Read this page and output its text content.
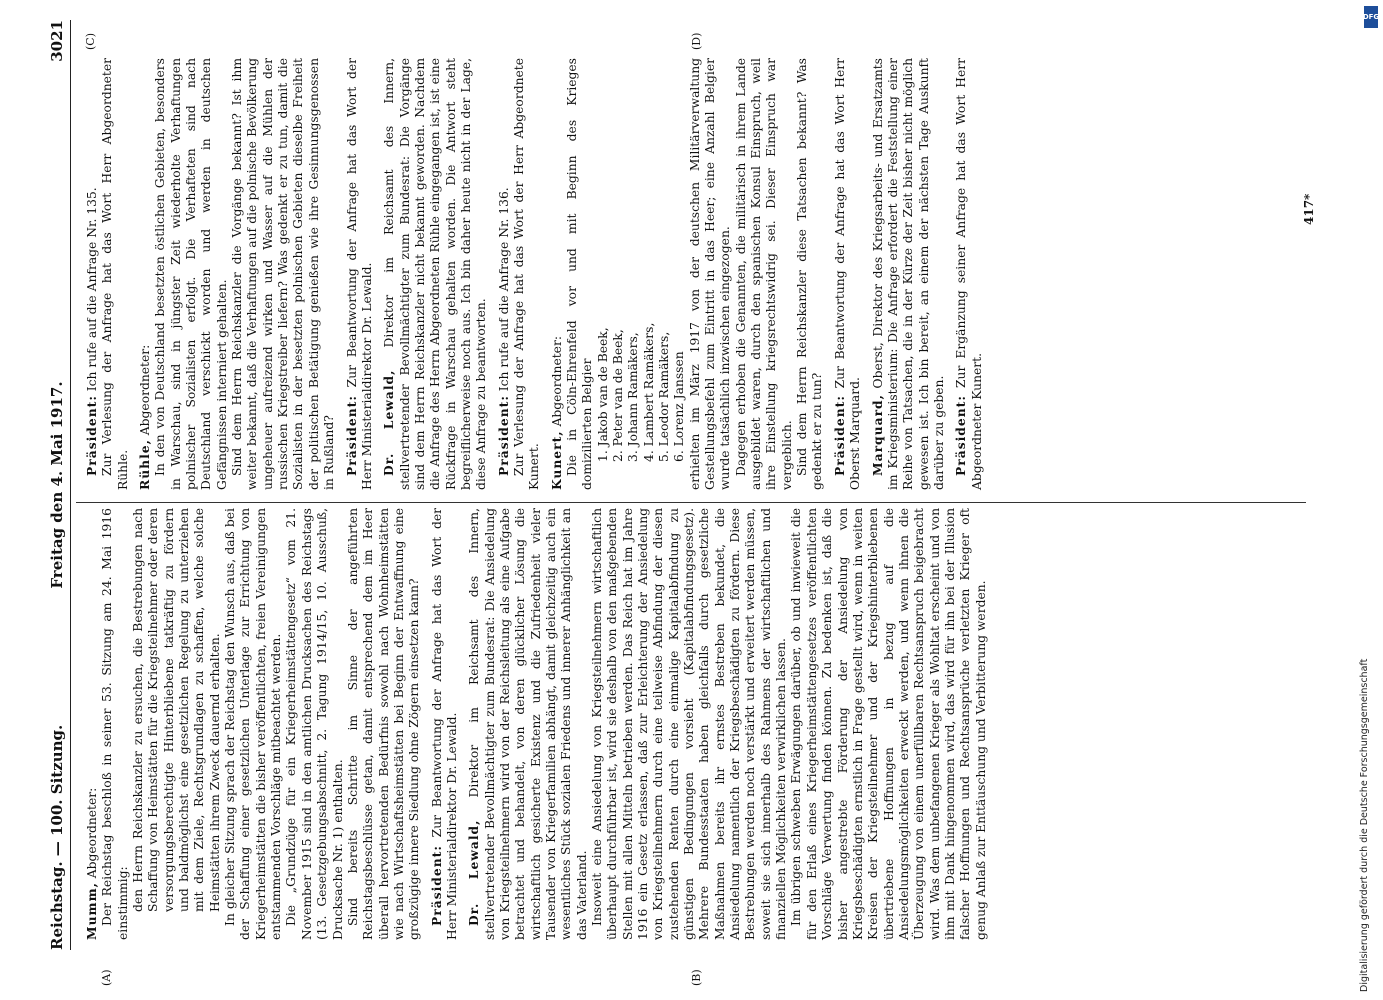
Reichstag. — 100. Sitzung.
Freitag den 4. Mai 1917.
3021
(A)	(B)
(C)	(D)

Mumm, Abgeordneter: Der Reichstag beschloß in seiner 53. Sitzung am 24. Mai 1916 einstimmig: den Herrn Reichskanzler zu ersuchen, die Bestrebungen nach Schaffung von Heimstätten für die Kriegsteilnehmer oder deren versorgungsberechtigte Hinterbliebene tatkräftig zu fördern und baldmöglichst eine gesetzlichen Regelung zu unterziehen mit dem Ziele, Rechtsgrundlagen zu schaffen, welche solche Heimstätten ihrem Zweck dauernd erhalten. In gleicher Sitzung sprach der Reichstag den Wunsch aus, daß bei der Schaffung einer gesetzlichen Unterlage zur Errichtung von Kriegerheimstätten die bisher veröffentlichten, freien Vereinigungen entstammenden Vorschläge mitbeachtet werden. Die „Grundzüge für ein Kriegerheimstättengesetz“ vom 21. November 1915 sind in den amtlichen Drucksachen des Reichstags (13. Gesetzgebungsabschnitt, 2. Tagung 1914/15, 10. Ausschuß, Drucksache Nr. 1) enthalten. Sind bereits Schritte im Sinne der angeführten Reichstagsbeschlüsse getan, damit entsprechend dem im Heer überall hervortretenden Bedürfnis sowohl nach Wohnheimstätten wie nach Wirtschaftsheimstätten bei Beginn der Entwaffnung eine großzügige innere Siedlung ohne Zögern einsetzen kann? Präsident: Zur Beantwortung der Anfrage hat das Wort der Herr Ministerialdirektor Dr. Lewald. Dr. Lewald, Direktor im Reichsamt des Innern, stellvertretender Bevollmächtigter zum Bundesrat: Die Ansiedelung von Kriegsteilnehmern wird von der Reichsleitung als eine Aufgabe betrachtet und behandelt, von deren glücklicher Lösung die wirtschaftlich gesicherte Existenz und die Zufriedenheit vieler Tausender von Kriegerfamilien abhängt, damit gleichzeitig auch ein wesentliches Stück sozialen Friedens und innerer Anhänglichkeit an das Vaterland. Insoweit eine Ansiedelung von Kriegsteilnehmern wirtschaftlich überhaupt durchführbar ist, wird sie deshalb von den maßgebenden Stellen mit allen Mitteln betrieben werden. Das Reich hat im Jahre 1916 ein Gesetz erlassen, daß zur Erleichterung der Ansiedelung von Kriegsteilnehmern durch eine teilweise Abfindung der diesen zustehenden Renten durch eine einmalige Kapitalabfindung zu günstigen Bedingungen vorsieht (Kapitalabfindungsgesetz). Mehrere Bundesstaaten haben gleichfalls durch gesetzliche Maßnahmen bereits ihr ernstes Bestreben bekundet, die Ansiedelung namentlich der Kriegsbeschädigten zu fördern. Diese Bestrebungen werden noch verstärkt und erweitert werden müssen, soweit sie sich innerhalb des Rahmens der wirtschaftlichen und finanziellen Möglichkeiten verwirklichen lassen. Im übrigen schweben Erwägungen darüber, ob und inwieweit die für den Erlaß eines Kriegerheimstättengesetzes veröffentlichten Vorschläge Verwertung finden können. Zu bedenken ist, daß die bisher angestrebte Förderung der Ansiedelung von Kriegsbeschädigten ernstlich in Frage gestellt wird, wenn in weiten Kreisen der Kriegsteilnehmer und der Kriegshinterbliebenen übertriebene Hoffnungen in bezug auf die Ansiedelungsmöglichkeiten erweckt werden, und wenn ihnen die Überzeugung von einem unerfüllbaren Rechtsanspruch beigebracht wird. Was dem unbefangenen Krieger als Wohltat erscheint und von ihm mit Dank hingenommen wird, das wird für ihn bei der Illusion falscher Hoffnungen und Rechtsansprüche verletzten Krieger oft genug Anlaß zur Enttäuschung und Verbitterung werden.

Präsident: Ich rufe auf die Anfrage Nr. 135. Zur Verlesung der Anfrage hat das Wort Herr Abgeordneter Rühle. Rühle, Abgeordneter: In den von Deutschland besetzten östlichen Gebieten, besonders in Warschau, sind in jüngster Zeit wiederholte Verhaftungen polnischer Sozialisten erfolgt. Die Verhafteten sind nach Deutschland verschickt worden und werden in deutschen Gefängnissen interniert gehalten. Sind dem Herrn Reichskanzler die Vorgänge bekannt? Ist ihm weiter bekannt, daß die Verhaftungen auf die polnische Bevölkerung ungeheuer aufreizend wirken und Wasser auf die Mühlen der russischen Kriegstreiber liefern? Was gedenkt er zu tun, damit die Sozialisten in der besetzten polnischen Gebieten dieselbe Freiheit der politischen Betätigung genießen wie ihre Gesinnungsgenossen in Rußland? Präsident: Zur Beantwortung der Anfrage hat das Wort der Herr Ministerialdirektor Dr. Lewald. Dr. Lewald, Direktor im Reichsamt des Innern, stellvertretender Bevollmächtigter zum Bundesrat: Die Vorgänge sind dem Herrn Reichskanzler nicht bekannt geworden. Nachdem die Anfrage des Herrn Abgeordneten Rühle eingegangen ist, ist eine Rückfrage in Warschau gehalten worden. Die Antwort steht begreiflicherweise noch aus. Ich bin daher heute nicht in der Lage, diese Anfrage zu beantworten. Präsident: Ich rufe auf die Anfrage Nr. 136. Zur Verlesung der Anfrage hat das Wort der Herr Abgeordnete Kunert. Kunert, Abgeordneter: Die in Cöln-Ehrenfeld vor und mit Beginn des Krieges domizilierten Belgier 1. Jakob van de Beek, 2. Peter van de Beek, 3. Johann Ramäkers, 4. Lambert Ramäkers, 5. Leodor Ramäkers, 6. Lorenz Janssen erhielten im März 1917 von der deutschen Militärverwaltung Gestellungsbefehl zum Eintritt in das Heer; eine Anzahl Belgier wurde tatsächlich inzwischen eingezogen. Dagegen erhoben die Genannten, die militärisch in ihrem Lande ausgebildet waren, durch den spanischen Konsul Einspruch, weil ihre Einstellung kriegsrechtswidrig sei. Dieser Einspruch war vergeblich. Sind dem Herrn Reichskanzler diese Tatsachen bekannt? Was gedenkt er zu tun? Präsident: Zur Beantwortung der Anfrage hat das Wort Herr Oberst Marquard. Marquard, Oberst, Direktor des Kriegsarbeits- und Ersatzamts im Kriegsministerium: Die Anfrage erfordert die Feststellung einer Reihe von Tatsachen, die in der Kürze der Zeit bisher nicht möglich gewesen ist. Ich bin bereit, an einem der nächsten Tage Auskunft darüber zu geben. Präsident: Zur Ergänzung seiner Anfrage hat das Wort Herr Abgeordneter Kunert.

417*
Digitalisierung gefördert durch die Deutsche Forschungsgemeinschaft
DFG
